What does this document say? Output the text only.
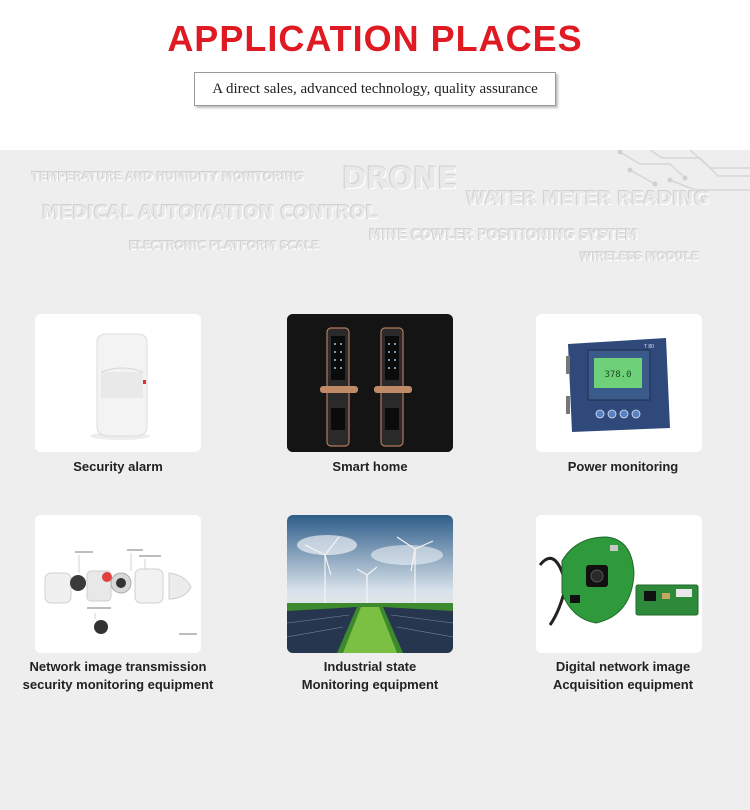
APPLICATION PLACES
A direct sales, advanced technology, quality assurance
TEMPERATURE AND HUMIDITY MONITORING DRONE
MEDICAL AUTOMATION CONTROL
WATER METER READING
MINE COWLER POSITIONING SYSTEM
ELECTRONIC PLATFORM SCALE
WIRELESS MODULE
Security alarm	Smart home
378.0
T 80
Power monitoring
Network image transmission
security monitoring equipment
Industrial state
Monitoring equipment
Digital network image
Acquisition equipment
